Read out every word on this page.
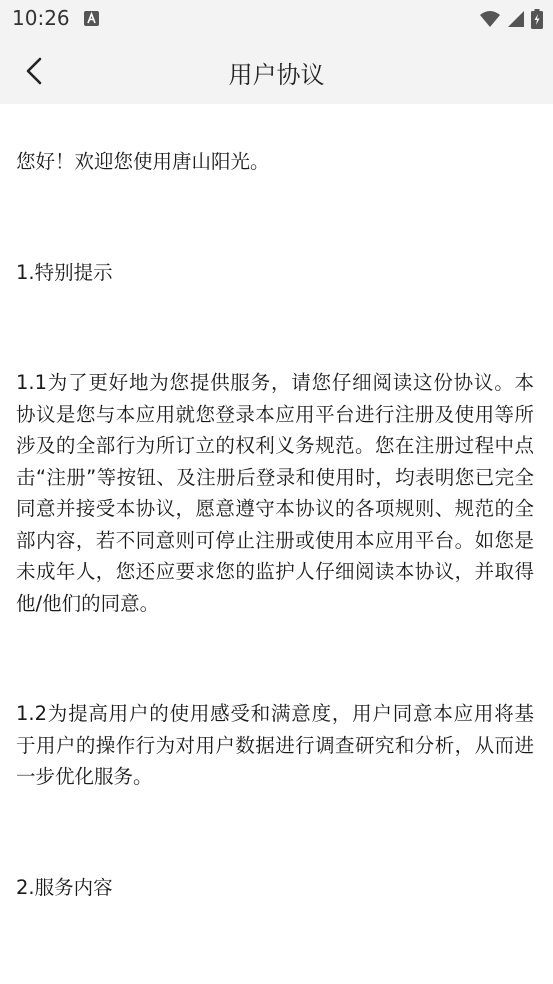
10:26
用户协议

您好！欢迎您使用唐山阳光。

1.特别提示

1.1为了更好地为您提供服务，请您仔细阅读这份协议。本协议是您与本应用就您登录本应用平台进行注册及使用等所涉及的全部行为所订立的权利义务规范。您在注册过程中点击“注册”等按钮、及注册后登录和使用时，均表明您已完全同意并接受本协议，愿意遵守本协议的各项规则、规范的全部内容，若不同意则可停止注册或使用本应用平台。如您是未成年人，您还应要求您的监护人仔细阅读本协议，并取得他/他们的同意。

1.2为提高用户的使用感受和满意度，用户同意本应用将基于用户的操作行为对用户数据进行调查研究和分析，从而进一步优化服务。

2.服务内容
